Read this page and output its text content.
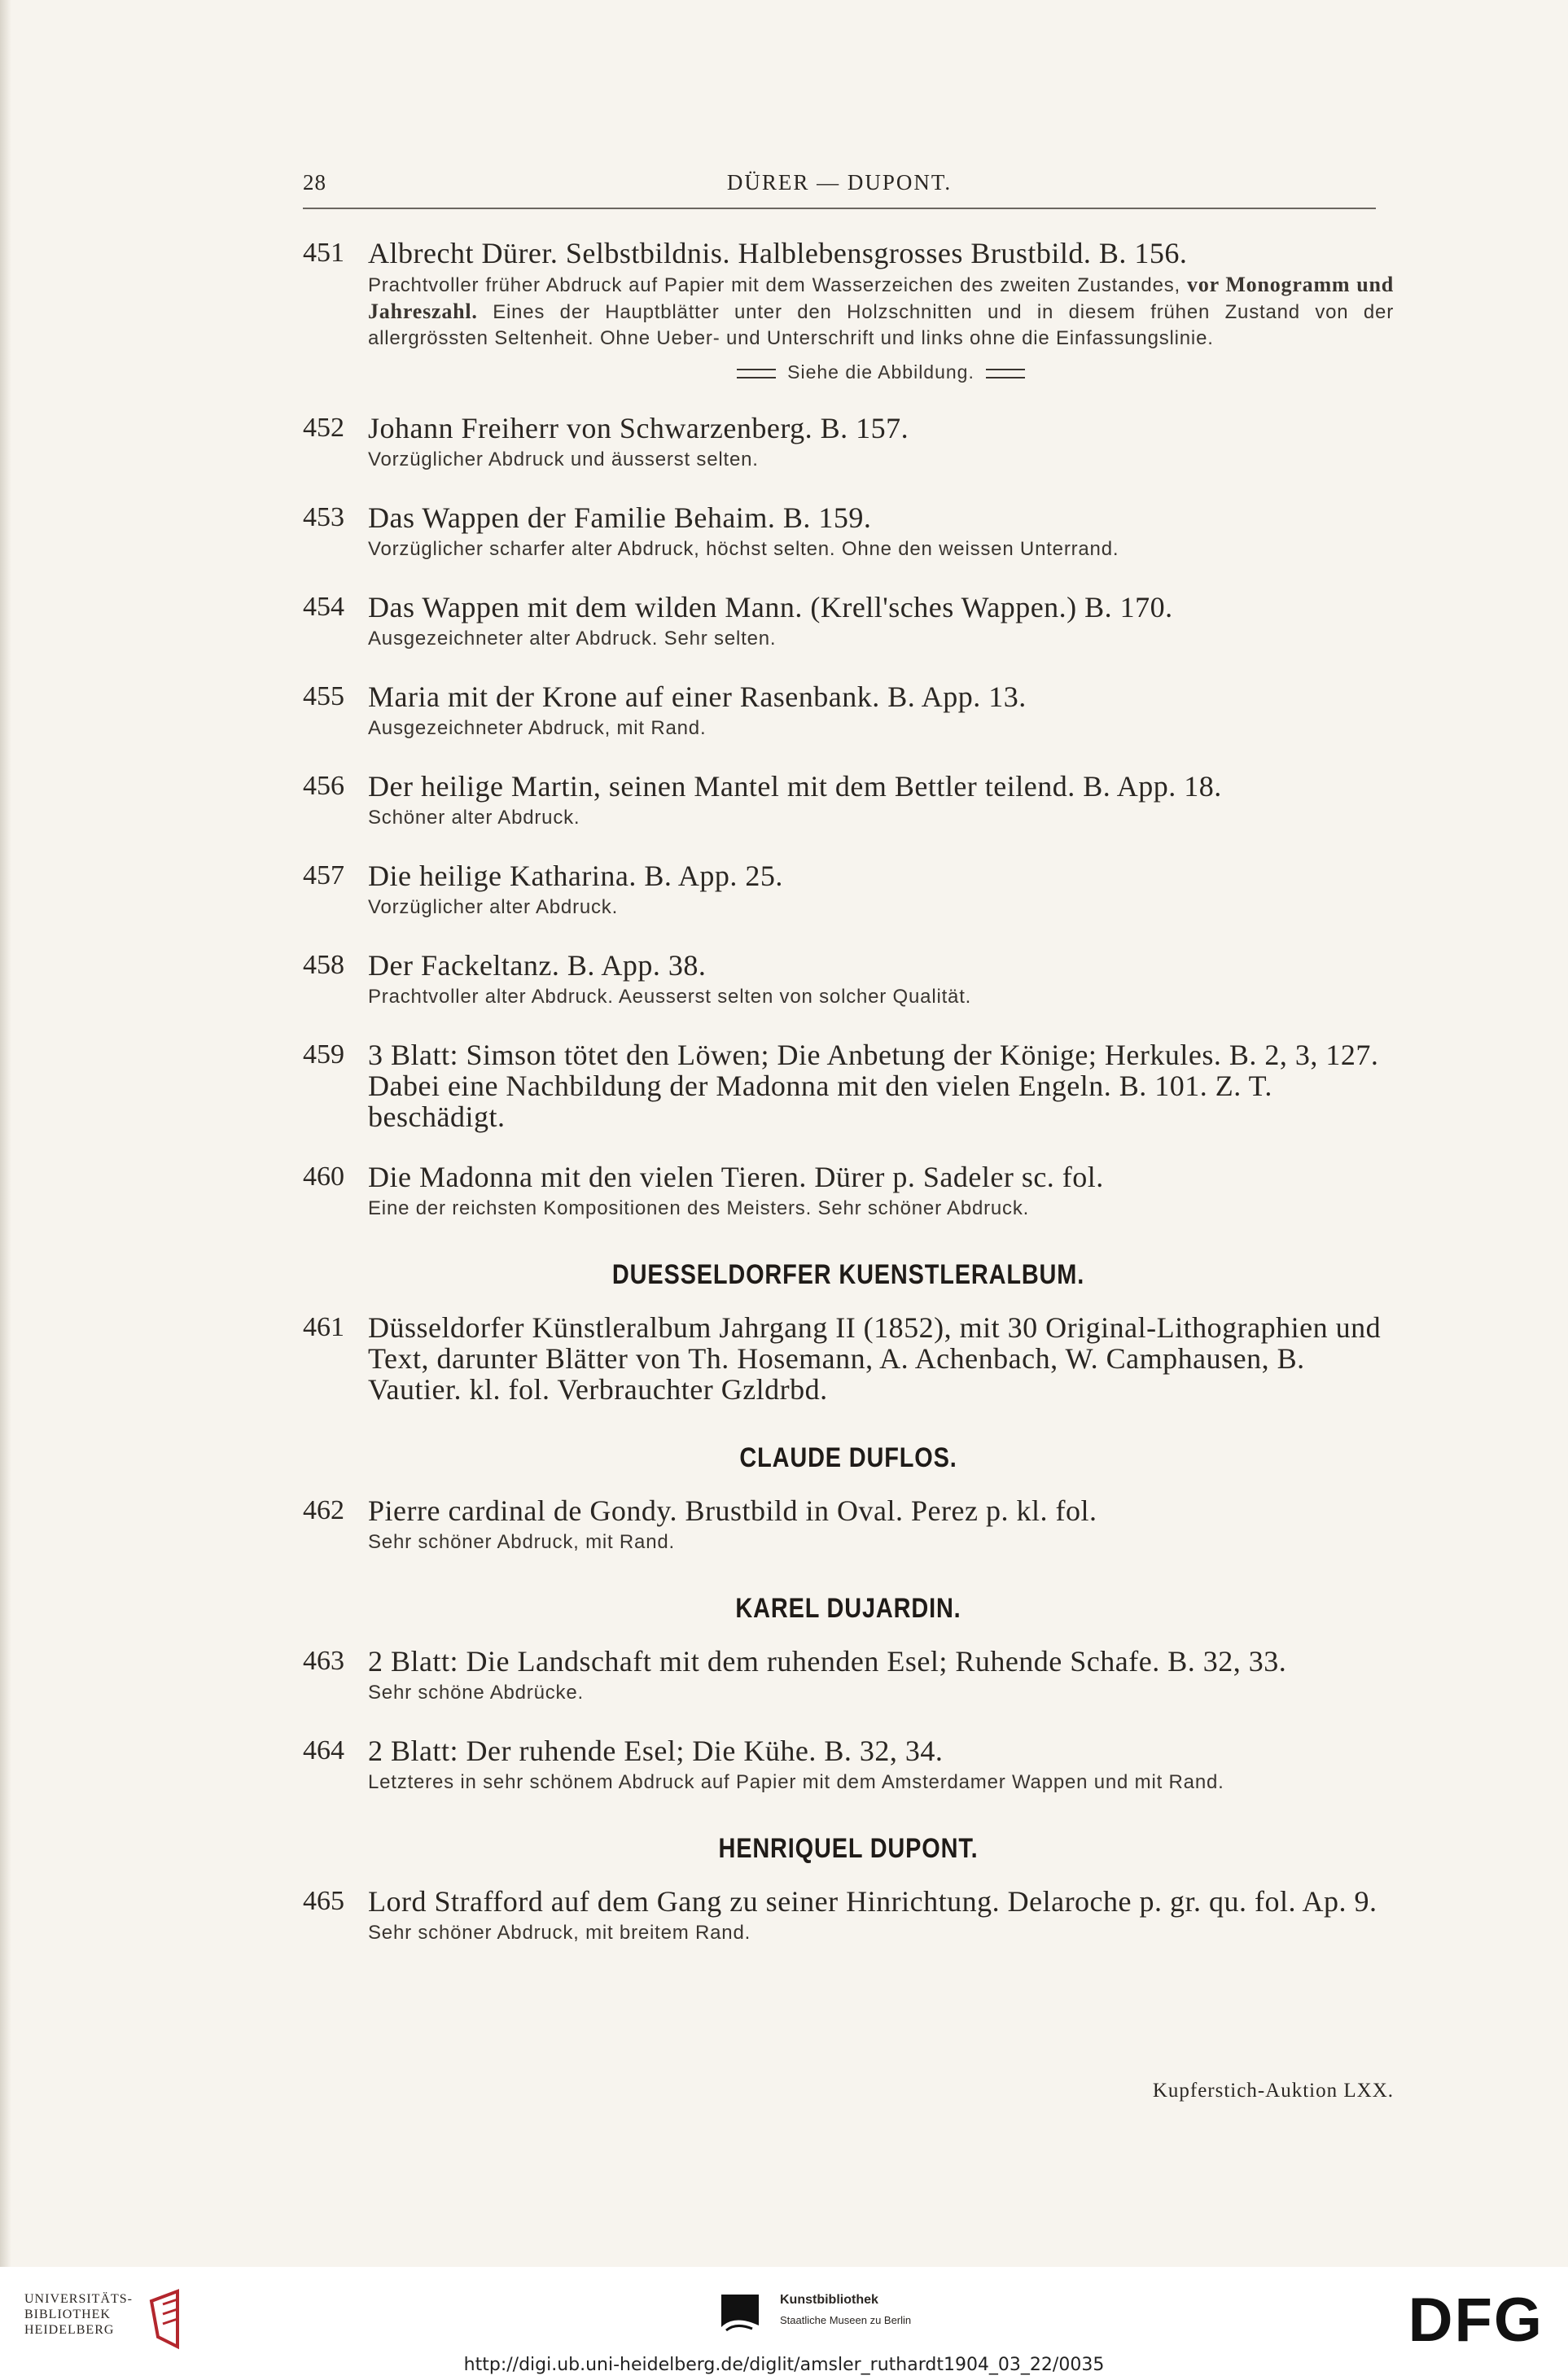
28	DÜRER — DUPONT.
451 Albrecht Dürer. Selbstbildnis. Halblebensgrosses Brustbild. B. 156.
Prachtvoller früher Abdruck auf Papier mit dem Wasserzeichen des zweiten Zustandes, vor Monogramm und Jahreszahl. Eines der Hauptblätter unter den Holzschnitten und in diesem frühen Zustand von der allergrössten Seltenheit. Ohne Ueber- und Unterschrift und links ohne die Einfassungslinie.
Siehe die Abbildung.
452 Johann Freiherr von Schwarzenberg. B. 157.
Vorzüglicher Abdruck und äusserst selten.
453 Das Wappen der Familie Behaim. B. 159.
Vorzüglicher scharfer alter Abdruck, höchst selten. Ohne den weissen Unterrand.
454 Das Wappen mit dem wilden Mann. (Krell'sches Wappen.) B. 170.
Ausgezeichneter alter Abdruck. Sehr selten.
455 Maria mit der Krone auf einer Rasenbank. B. App. 13.
Ausgezeichneter Abdruck, mit Rand.
456 Der heilige Martin, seinen Mantel mit dem Bettler teilend. B. App. 18.
Schöner alter Abdruck.
457 Die heilige Katharina. B. App. 25.
Vorzüglicher alter Abdruck.
458 Der Fackeltanz. B. App. 38.
Prachtvoller alter Abdruck. Aeusserst selten von solcher Qualität.
459 3 Blatt: Simson tötet den Löwen; Die Anbetung der Könige; Herkules. B. 2, 3, 127. Dabei eine Nachbildung der Madonna mit den vielen Engeln. B. 101. Z. T. beschädigt.
460 Die Madonna mit den vielen Tieren. Dürer p. Sadeler sc. fol.
Eine der reichsten Kompositionen des Meisters. Sehr schöner Abdruck.
DUESSELDORFER KUENSTLERALBUM.
461 Düsseldorfer Künstleralbum Jahrgang II (1852), mit 30 Original-Lithographien und Text, darunter Blätter von Th. Hosemann, A. Achenbach, W. Camphausen, B. Vautier. kl. fol. Verbrauchter Gzldrbd.
CLAUDE DUFLOS.
462 Pierre cardinal de Gondy. Brustbild in Oval. Perez p. kl. fol.
Sehr schöner Abdruck, mit Rand.
KAREL DUJARDIN.
463 2 Blatt: Die Landschaft mit dem ruhenden Esel; Ruhende Schafe. B. 32, 33.
Sehr schöne Abdrücke.
464 2 Blatt: Der ruhende Esel; Die Kühe. B. 32, 34.
Letzteres in sehr schönem Abdruck auf Papier mit dem Amsterdamer Wappen und mit Rand.
HENRIQUEL DUPONT.
465 Lord Strafford auf dem Gang zu seiner Hinrichtung. Delaroche p. gr. qu. fol. Ap. 9.
Sehr schöner Abdruck, mit breitem Rand.
Kupferstich-Auktion LXX.
UNIVERSITÄTS-
BIBLIOTHEK
HEIDELBERG
Kunstbibliothek
Staatliche Museen zu Berlin	DFG
http://digi.ub.uni-heidelberg.de/diglit/amsler_ruthardt1904_03_22/0035
